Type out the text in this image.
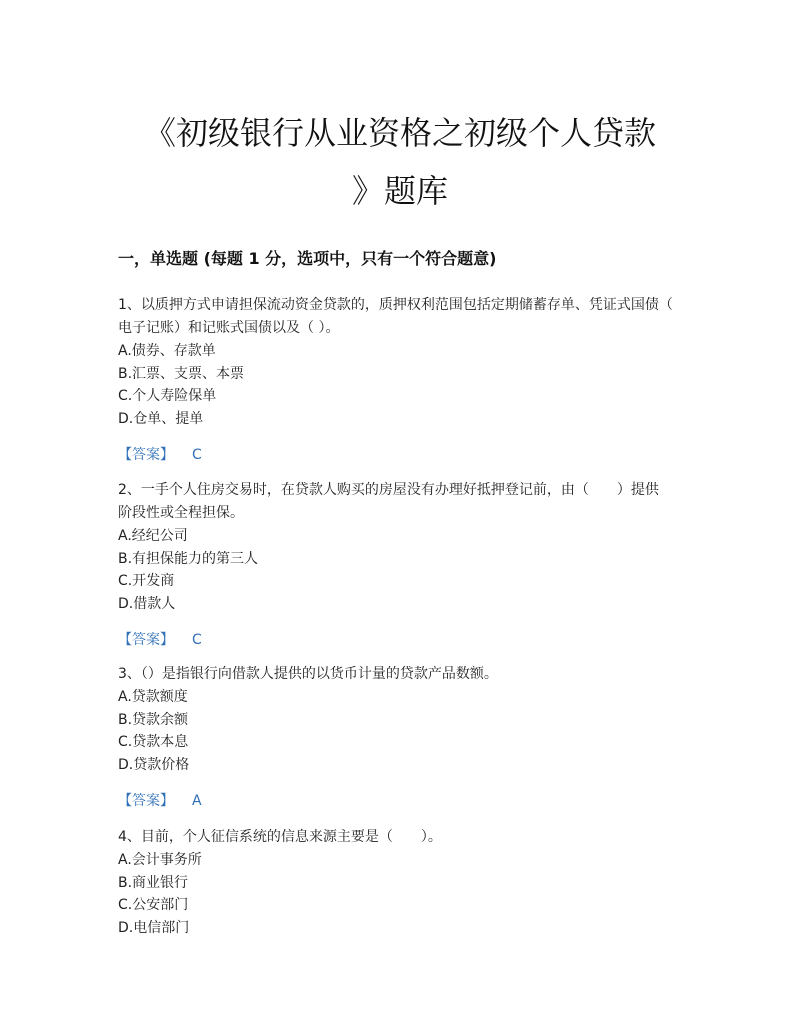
《初级银行从业资格之初级个人贷款
》题库
一，单选题 (每题 1 分，选项中，只有一个符合题意)

1、以质押方式申请担保流动资金贷款的，质押权利范围包括定期储蓄存单、凭证式国债（
电子记账）和记账式国债以及（ ）。

A.债券、存款单

B.汇票、支票、本票

C.个人寿险保单

D.仓单、提单

【答案】 C

2、一手个人住房交易时，在贷款人购买的房屋没有办理好抵押登记前，由（　　）提供
阶段性或全程担保。

A.经纪公司

B.有担保能力的第三人

C.开发商

D.借款人

【答案】 C

3、（）是指银行向借款人提供的以货币计量的贷款产品数额。

A.贷款额度

B.贷款余额

C.贷款本息

D.贷款价格

【答案】 A

4、目前，个人征信系统的信息来源主要是（　　）。

A.会计事务所

B.商业银行

C.公安部门

D.电信部门
